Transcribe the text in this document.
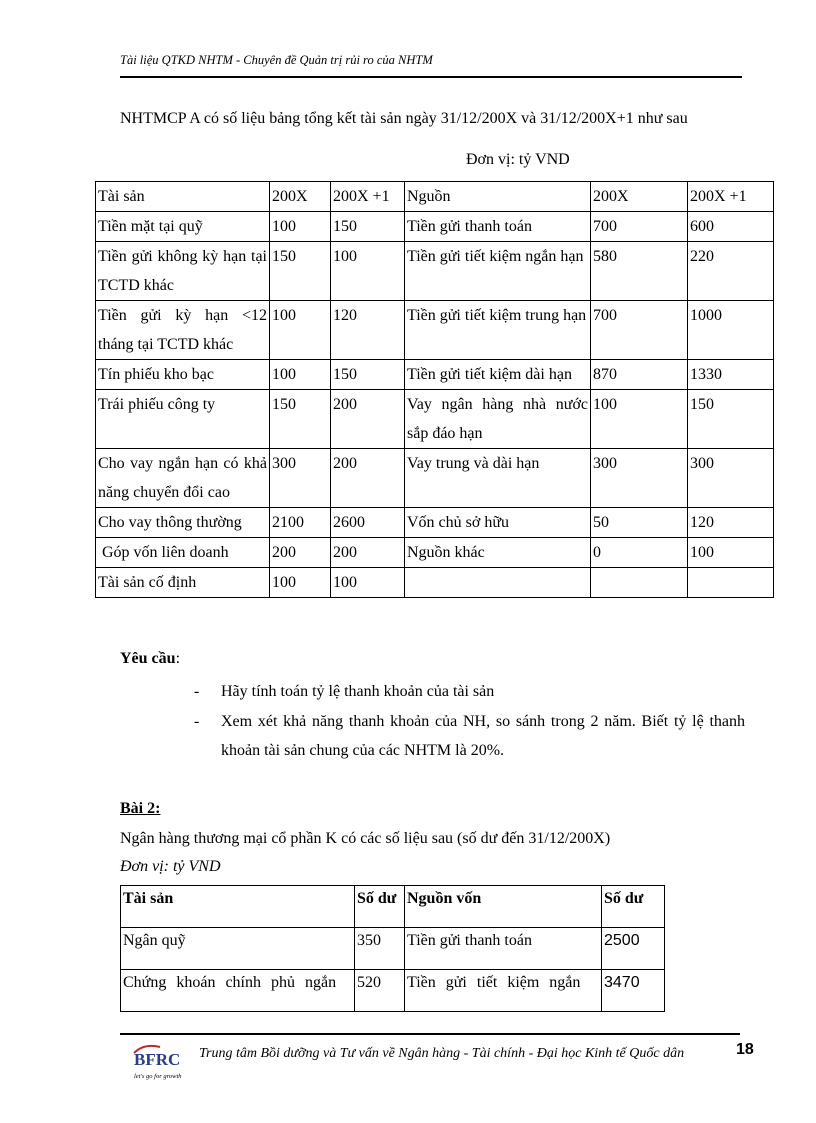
Tài liệu QTKD NHTM - Chuyên đề Quản trị rủi ro của NHTM
NHTMCP A có số liệu bảng tổng kết tài sản ngày 31/12/200X và 31/12/200X+1 như sau
Đơn vị: tỷ VND
Tài sản	200X	200X +1	Nguồn	200X	200X +1
Tiền mặt tại quỹ	100	150	Tiền gửi thanh toán	700	600
Tiền gửi không kỳ hạn tại TCTD khác	150	100	Tiền gửi tiết kiệm ngắn hạn	580	220
Tiền gửi kỳ hạn <12 tháng tại TCTD khác	100	120	Tiền gửi tiết kiệm trung hạn	700	1000
Tín phiếu kho bạc	100	150	Tiền gửi tiết kiệm dài hạn	870	1330
Trái phiếu công ty	150	200	Vay ngân hàng nhà nước sắp đáo hạn	100	150
Cho vay ngắn hạn có khả năng chuyển đổi cao	300	200	Vay trung và dài hạn	300	300
Cho vay thông thường	2100	2600	Vốn chủ sở hữu	50	120
Góp vốn liên doanh	200	200	Nguồn khác	0	100
Tài sản cố định	100	100			
Yêu cầu:
- Hãy tính toán tỷ lệ thanh khoản của tài sản
- Xem xét khả năng thanh khoản của NH, so sánh trong 2 năm. Biết tỷ lệ thanh khoản tài sản chung của các NHTM là 20%.
Bài 2:
Ngân hàng thương mại cổ phần K có các số liệu sau (số dư đến 31/12/200X)
Đơn vị: tỷ VND
Tài sản	Số dư	Nguồn vốn	Số dư
Ngân quỹ	350	Tiền gửi thanh toán	2500
Chứng khoán chính phủ ngắn	520	Tiền gửi tiết kiệm ngắn	3470
BFRC
let's go for growth
Trung tâm Bồi dưỡng và Tư vấn về Ngân hàng - Tài chính - Đại học Kinh tế Quốc dân	18
